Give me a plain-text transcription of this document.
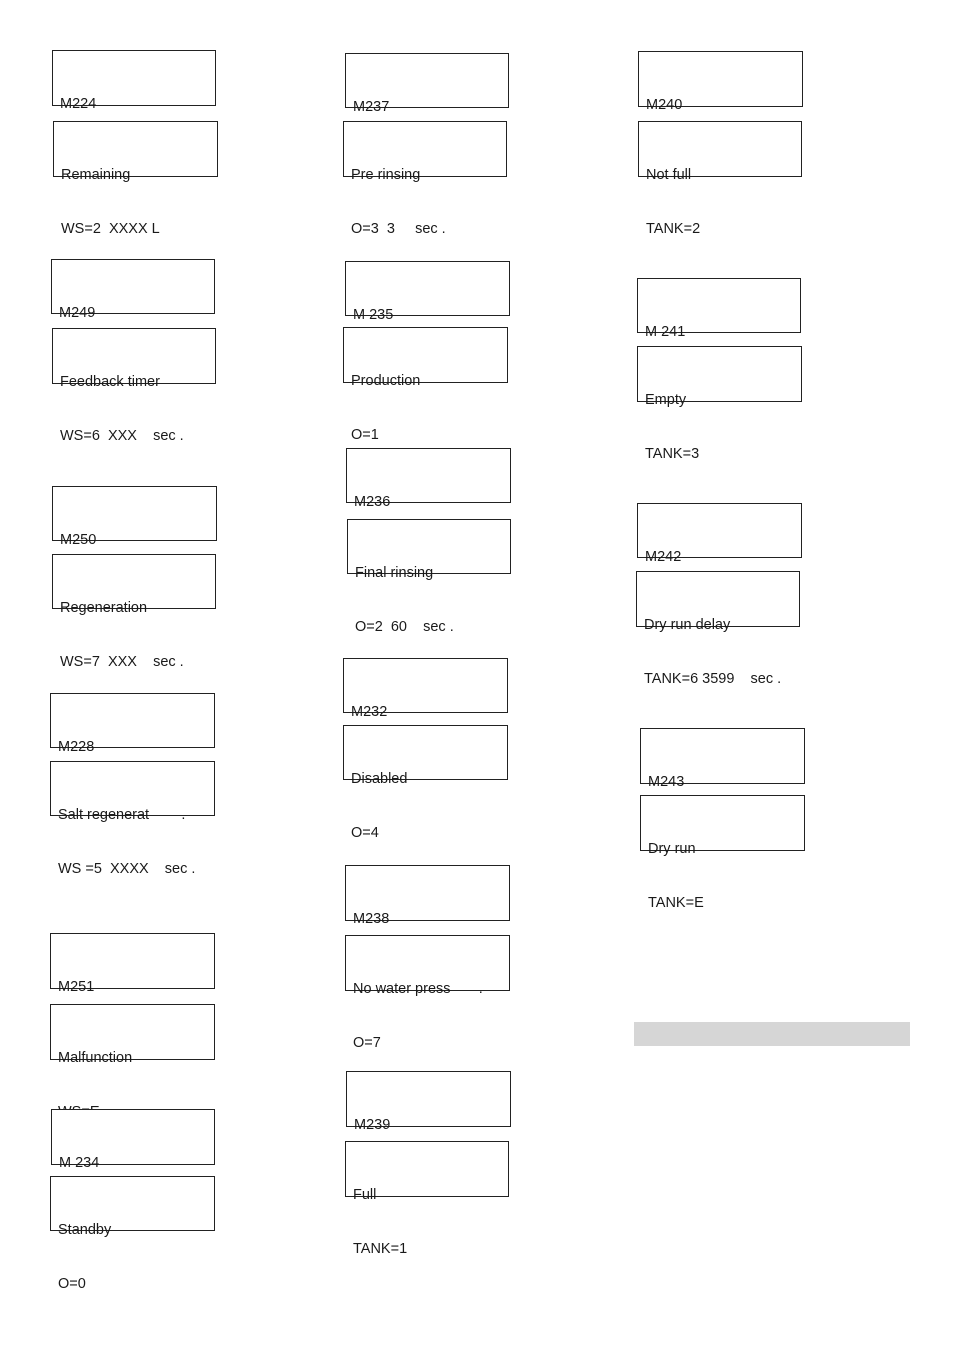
M224

Remaining

WS=2  XXXX L

M249

Feedback timer

WS=6  XXX    sec .

M250

Regeneration

WS=7  XXX    sec .

M228

Salt regenerat        .

WS =5  XXXX    sec .

M251

Malfunction

M 234

Standby

O=0

M237

Pre rinsing

O=3  3     sec .

M 235

Production

O=1

M236

Final rinsing

O=2  60    sec .

M232

Disabled

O=4

M238

No water press       .

O=7

M239

Full

TANK=1

M240

Not full

TANK=2

M 241

Empty

TANK=3

M242

Dry run delay

TANK=6 3599    sec .

M243

Dry run

TANK=E
